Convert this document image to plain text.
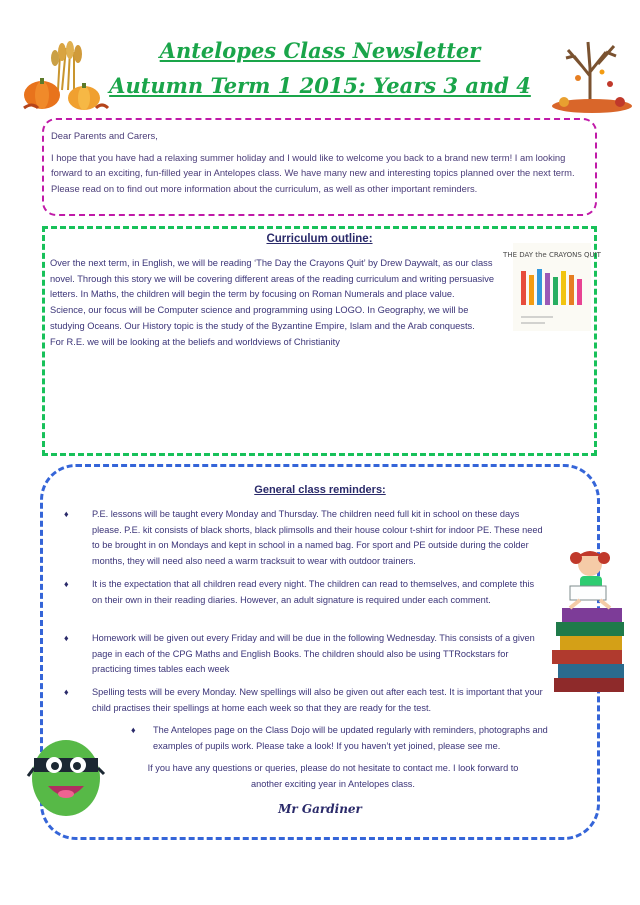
Antelopes Class Newsletter
Autumn Term 1 2015: Years 3 and 4

Dear Parents and Carers,

I hope that you have had a relaxing summer holiday and I would like to welcome you back to a brand new term! I am looking forward to an exciting, fun-filled year in Antelopes class. We have many new and interesting topics planned over the next term. Please read on to find out more information about the curriculum, as well as other important reminders.

Curriculum outline:
Over the next term, in English, we will be reading ‘The Day the Crayons Quit’ by Drew Daywalt, as our class
novel. Through this story we will be covering different areas of the reading curriculum and writing persuasive
letters. In Maths, the children will begin the term by focusing on Roman Numerals and place value.
Science, our focus will be Computer science and programming using LOGO. In Geography, we will be
studying Oceans. Our History topic is the study of the Byzantine Empire, Islam and the Arab conquests.
For R.E. we will be looking at the beliefs and worldviews of Christianity
THE DAY the CRAYONS QUIT
General class reminders:
♦	P.E. lessons will be taught every Monday and Thursday. The children need full kit in school on these days please. P.E. kit consists of black shorts, black plimsolls and their house colour t-shirt for indoor PE. These need to be brought in on Mondays and kept in school in a named bag. For sport and PE outside during the colder months, they will need also need a warm tracksuit to wear with outdoor trainers.
♦	It is the expectation that all children read every night. The children can read to themselves, and complete this on their own in their reading diaries. However, an adult signature is required under each comment.
♦	Homework will be given out every Friday and will be due in the following Wednesday. This consists of a given page in each of the CPG Maths and English Books. The children should also be using TTRockstars for practicing times tables each week
♦	Spelling tests will be every Monday. New spellings will also be given out after each test. It is important that your child practises their spellings at home each week so that they are ready for the test.
♦ The Antelopes page on the Class Dojo will be updated regularly with reminders, photographs and examples of pupils work. Please take a look! If you haven’t yet joined, please see me.
If you have any questions or queries, please do not hesitate to contact me. I look forward to another exciting year in Antelopes class.
Mr Gardiner
